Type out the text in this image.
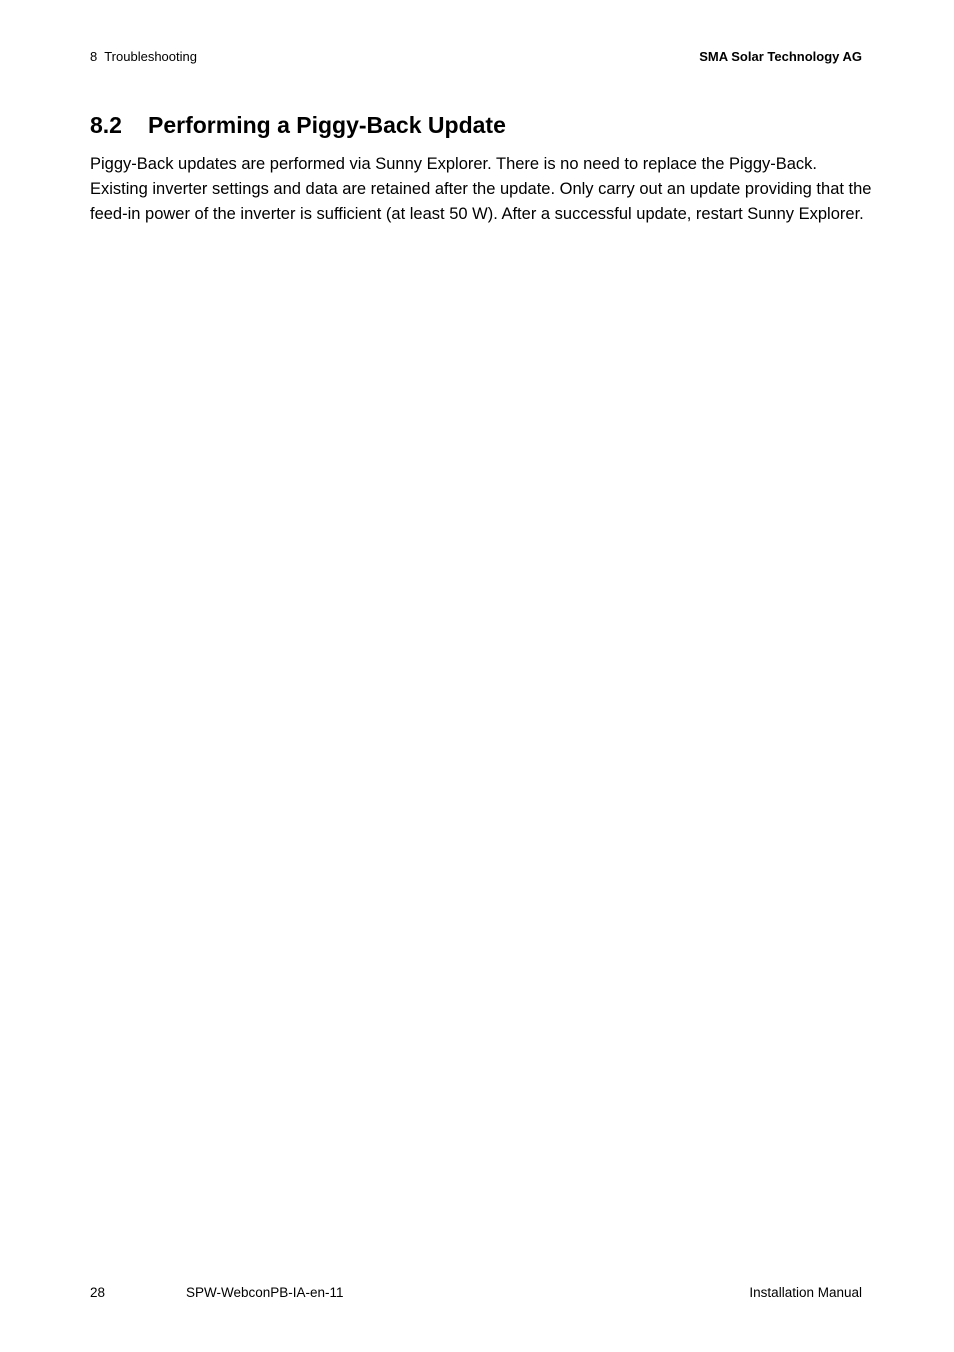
8  Troubleshooting	SMA Solar Technology AG
8.2 Performing a Piggy-Back Update

Piggy-Back updates are performed via Sunny Explorer. There is no need to replace the Piggy-Back. Existing inverter settings and data are retained after the update. Only carry out an update providing that the feed-in power of the inverter is sufficient (at least 50 W). After a successful update, restart Sunny Explorer.

28	SPW-WebconPB-IA-en-11	Installation Manual
